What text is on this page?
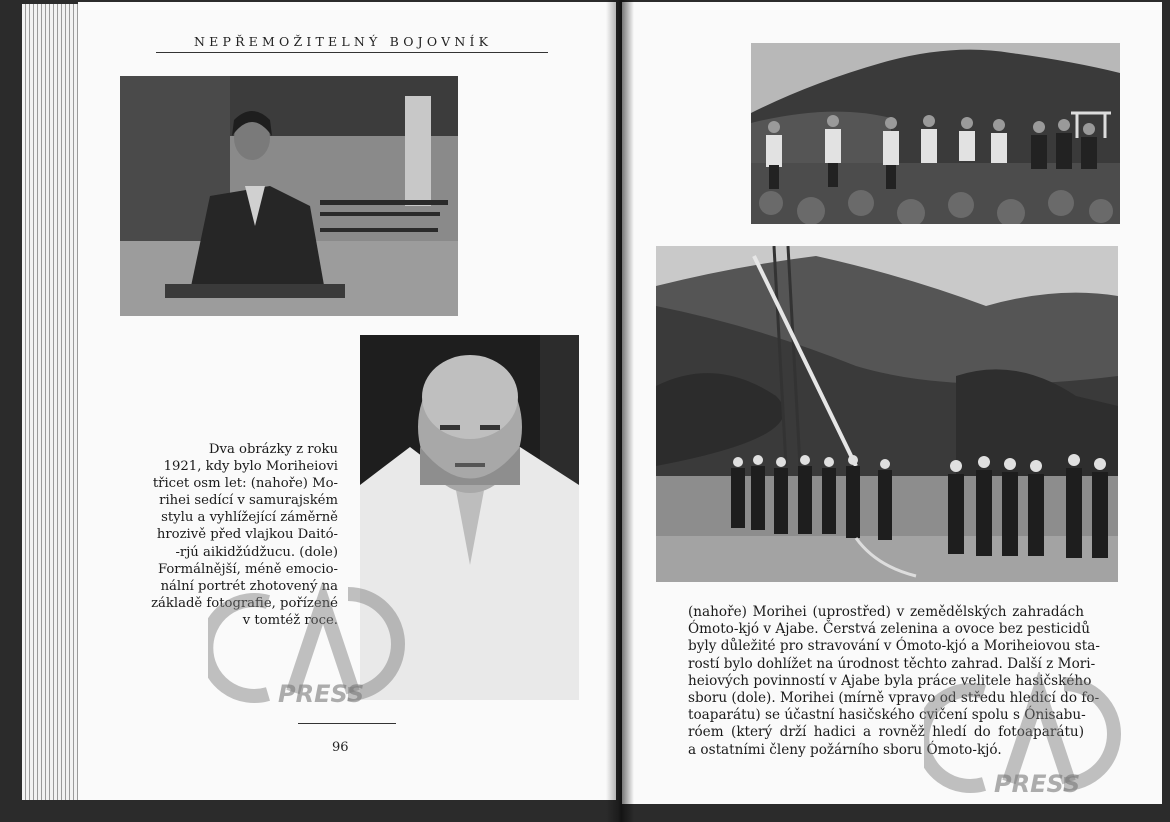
NEPŘEMOŽITELNÝ BOJOVNÍK
Dva obrázky z roku
1921, kdy bylo Moriheiovi
třicet osm let: (nahoře) Mo-
rihei sedící v samurajském
stylu a vyhlížející záměrně
hrozivě před vlajkou Daitó-
-rjú aikidžúdžucu. (dole)
Formálnější, méně emocio-
nální portrét zhotovený na
základě fotografie, pořízené
v tomtéž roce.
(nahoře) Morihei (uprostřed) v zemědělských zahradách
Ómoto-kjó v Ajabe. Čerstvá zelenina a ovoce bez pesticidů
byly důležité pro stravování v Ómoto-kjó a Moriheiovou sta-
rostí bylo dohlížet na úrodnost těchto zahrad. Další z Mori-
heiových povinností v Ajabe byla práce velitele hasičského
sboru (dole). Morihei (mírně vpravo od středu hledící do fo-
toaparátu) se účastní hasičského cvičení spolu s Ónisabu-
róem (který drží hadici a rovněž hledí do fotoaparátu)
a ostatními členy požárního sboru Ómoto-kjó.
96
PRESS
PRESS
